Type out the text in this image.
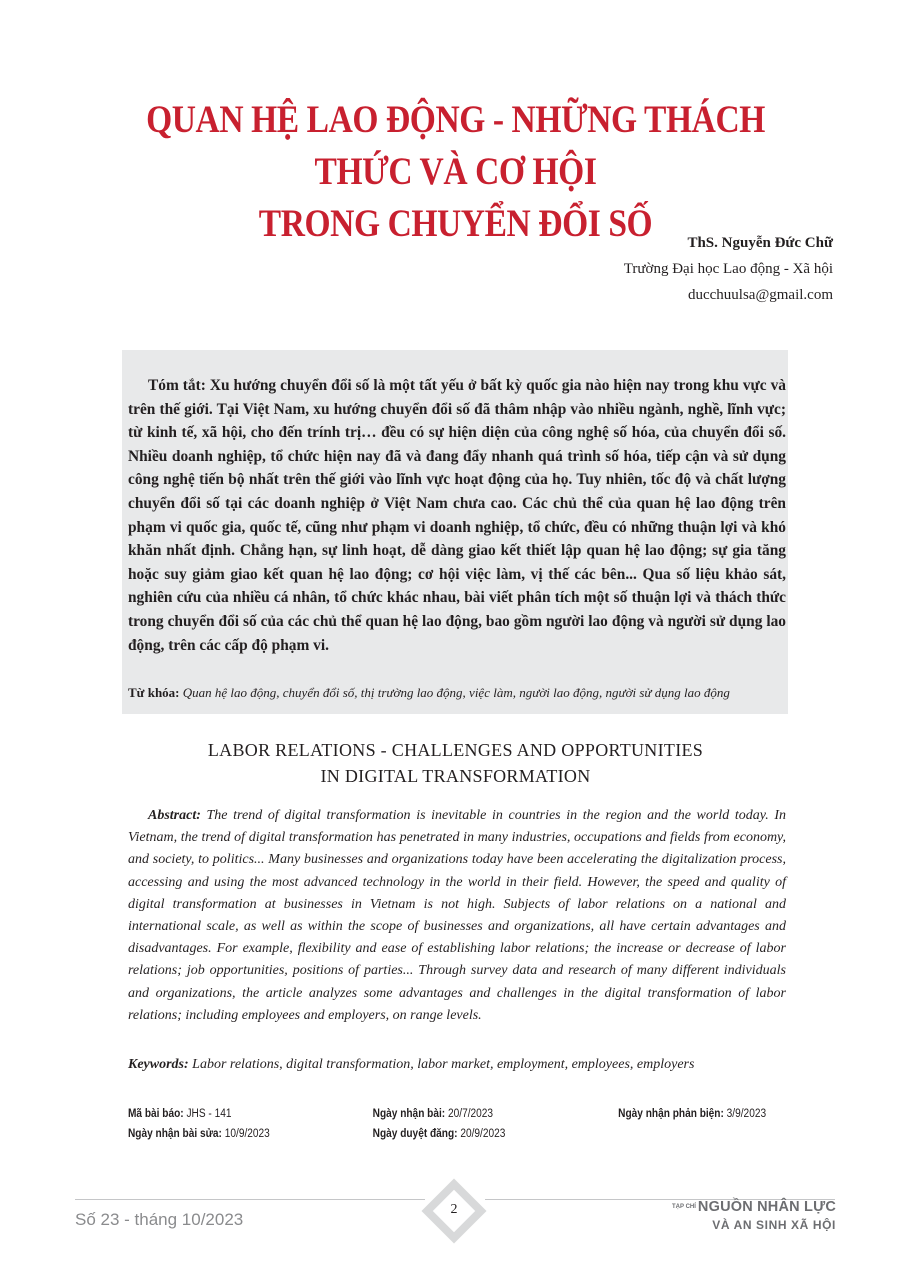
QUAN HỆ LAO ĐỘNG - NHỮNG THÁCH THỨC VÀ CƠ HỘI
TRONG CHUYỂN ĐỔI SỐ	ThS. Nguyễn Đức Chữ
Trường Đại học Lao động - Xã hội
ducchuulsa@gmail.com
Tóm tắt: Xu hướng chuyển đổi số là một tất yếu ở bất kỳ quốc gia nào hiện nay trong khu vực và trên thế giới. Tại Việt Nam, xu hướng chuyển đổi số đã thâm nhập vào nhiều ngành, nghề, lĩnh vực; từ kinh tế, xã hội, cho đến trính trị… đều có sự hiện diện của công nghệ số hóa, của chuyển đổi số. Nhiều doanh nghiệp, tổ chức hiện nay đã và đang đẩy nhanh quá trình số hóa, tiếp cận và sử dụng công nghệ tiến bộ nhất trên thế giới vào lĩnh vực hoạt động của họ. Tuy nhiên, tốc độ và chất lượng chuyển đổi số tại các doanh nghiệp ở Việt Nam chưa cao. Các chủ thể của quan hệ lao động trên phạm vi quốc gia, quốc tế, cũng như phạm vi doanh nghiệp, tổ chức, đều có những thuận lợi và khó khăn nhất định. Chẳng hạn, sự linh hoạt, dễ dàng giao kết thiết lập quan hệ lao động; sự gia tăng hoặc suy giảm giao kết quan hệ lao động; cơ hội việc làm, vị thế các bên... Qua số liệu khảo sát, nghiên cứu của nhiều cá nhân, tổ chức khác nhau, bài viết phân tích một số thuận lợi và thách thức trong chuyển đổi số của các chủ thể quan hệ lao động, bao gồm người lao động và người sử dụng lao động, trên các cấp độ phạm vi.
Từ khóa: Quan hệ lao động, chuyển đổi số, thị trường lao động, việc làm, người lao động, người sử dụng lao động
LABOR RELATIONS - CHALLENGES AND OPPORTUNITIES
IN DIGITAL TRANSFORMATION
Abstract: The trend of digital transformation is inevitable in countries in the region and the world today. In Vietnam, the trend of digital transformation has penetrated in many industries, occupations and fields from economy, and society, to politics... Many businesses and organizations today have been accelerating the digitalization process, accessing and using the most advanced technology in the world in their field. However, the speed and quality of digital transformation at businesses in Vietnam is not high. Subjects of labor relations on a national and international scale, as well as within the scope of businesses and organizations, all have certain advantages and disadvantages. For example, flexibility and ease of establishing labor relations; the increase or decrease of labor relations; job opportunities, positions of parties... Through survey data and research of many different individuals and organizations, the article analyzes some advantages and challenges in the digital transformation of labor relations; including employees and employers, on range levels.
Keywords: Labor relations, digital transformation, labor market, employment, employees, employers
Mã bài báo: JHS - 141	Ngày nhận bài: 20/7/2023	Ngày nhận phản biện: 3/9/2023
Ngày nhận bài sửa: 10/9/2023	Ngày duyệt đăng: 20/9/2023
2
Số 23 - tháng 10/2023
TẠP CHÍ NGUỒN NHÂN LỰC
VÀ AN SINH XÃ HỘI
